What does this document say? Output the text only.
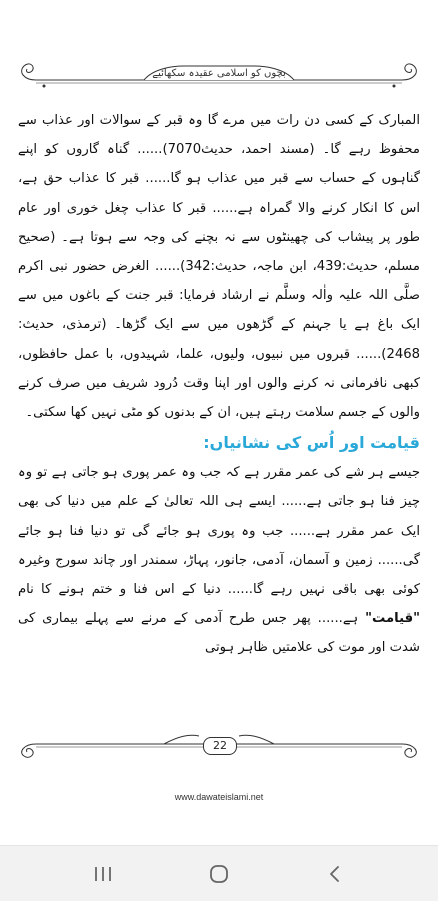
بچوں کو اسلامی عقیدہ سکھائیے

المبارک کے کسی دن رات میں مرے گا وہ قبر کے سوالات اور عذاب سے محفوظ رہے گا۔ (مسند احمد، حدیث7070)...... گناہ گاروں کو اپنے گناہوں کے حساب سے قبر میں عذاب ہو گا...... قبر کا عذاب حق ہے، اس کا انکار کرنے والا گمراہ ہے...... قبر کا عذاب چغل خوری اور عام طور پر پیشاب کی چھینٹوں سے نہ بچنے کی وجہ سے ہوتا ہے۔ (صحیح مسلم، حدیث:439، ابن ماجہ، حدیث:342)...... الغرض حضور نبی اکرم صلَّی اللہ علیہ واٰلہ وسلَّم نے ارشاد فرمایا: قبر جنت کے باغوں میں سے ایک باغ ہے یا جہنم کے گڑھوں میں سے ایک گڑھا۔ (ترمذی، حدیث: 2468)...... قبروں میں نبیوں، ولیوں، علما، شہیدوں، با عمل حافظوں، کبھی نافرمانی نہ کرنے والوں اور اپنا وقت دُرود شریف میں صرف کرنے والوں کے جسم سلامت رہتے ہیں، ان کے بدنوں کو مٹی نہیں کھا سکتی۔

قیامت اور اُس کی نشانیاں:

جیسے ہر شے کی عمر مقرر ہے کہ جب وہ عمر پوری ہو جاتی ہے تو وہ چیز فنا ہو جاتی ہے...... ایسے ہی اللہ تعالیٰ کے علم میں دنیا کی بھی ایک عمر مقرر ہے...... جب وہ پوری ہو جائے گی تو دنیا فنا ہو جائے گی...... زمین و آسمان، آدمی، جانور، پہاڑ، سمندر اور چاند سورج وغیرہ کوئی بھی باقی نہیں رہے گا...... دنیا کے اس فنا و ختم ہونے کا نام "قیامت" ہے...... پھر جس طرح آدمی کے مرنے سے پہلے بیماری کی شدت اور موت کی علامتیں ظاہر ہوتی

22
www.dawateislami.net
